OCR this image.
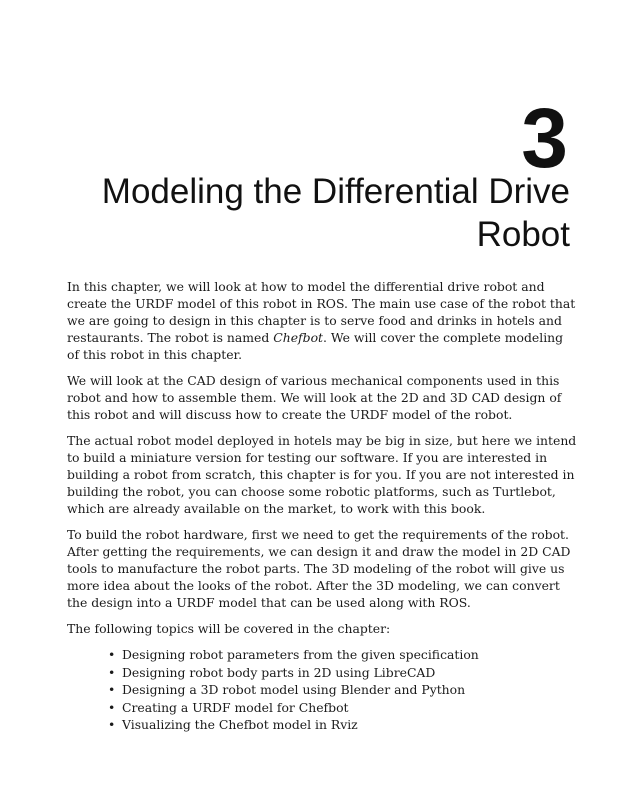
3
Modeling the Differential Drive
Robot

In this chapter, we will look at how to model the differential drive robot and create the URDF model of this robot in ROS. The main use case of the robot that we are going to design in this chapter is to serve food and drinks in hotels and restaurants. The robot is named Chefbot. We will cover the complete modeling of this robot in this chapter.

We will look at the CAD design of various mechanical components used in this robot and how to assemble them. We will look at the 2D and 3D CAD design of this robot and will discuss how to create the URDF model of the robot.

The actual robot model deployed in hotels may be big in size, but here we intend to build a miniature version for testing our software. If you are interested in building a robot from scratch, this chapter is for you. If you are not interested in building the robot, you can choose some robotic platforms, such as Turtlebot, which are already available on the market, to work with this book.

To build the robot hardware, first we need to get the requirements of the robot. After getting the requirements, we can design it and draw the model in 2D CAD tools to manufacture the robot parts. The 3D modeling of the robot will give us more idea about the looks of the robot. After the 3D modeling, we can convert the design into a URDF model that can be used along with ROS.

The following topics will be covered in the chapter:

• Designing robot parameters from the given specification
• Designing robot body parts in 2D using LibreCAD
• Designing a 3D robot model using Blender and Python
• Creating a URDF model for Chefbot
• Visualizing the Chefbot model in Rviz
